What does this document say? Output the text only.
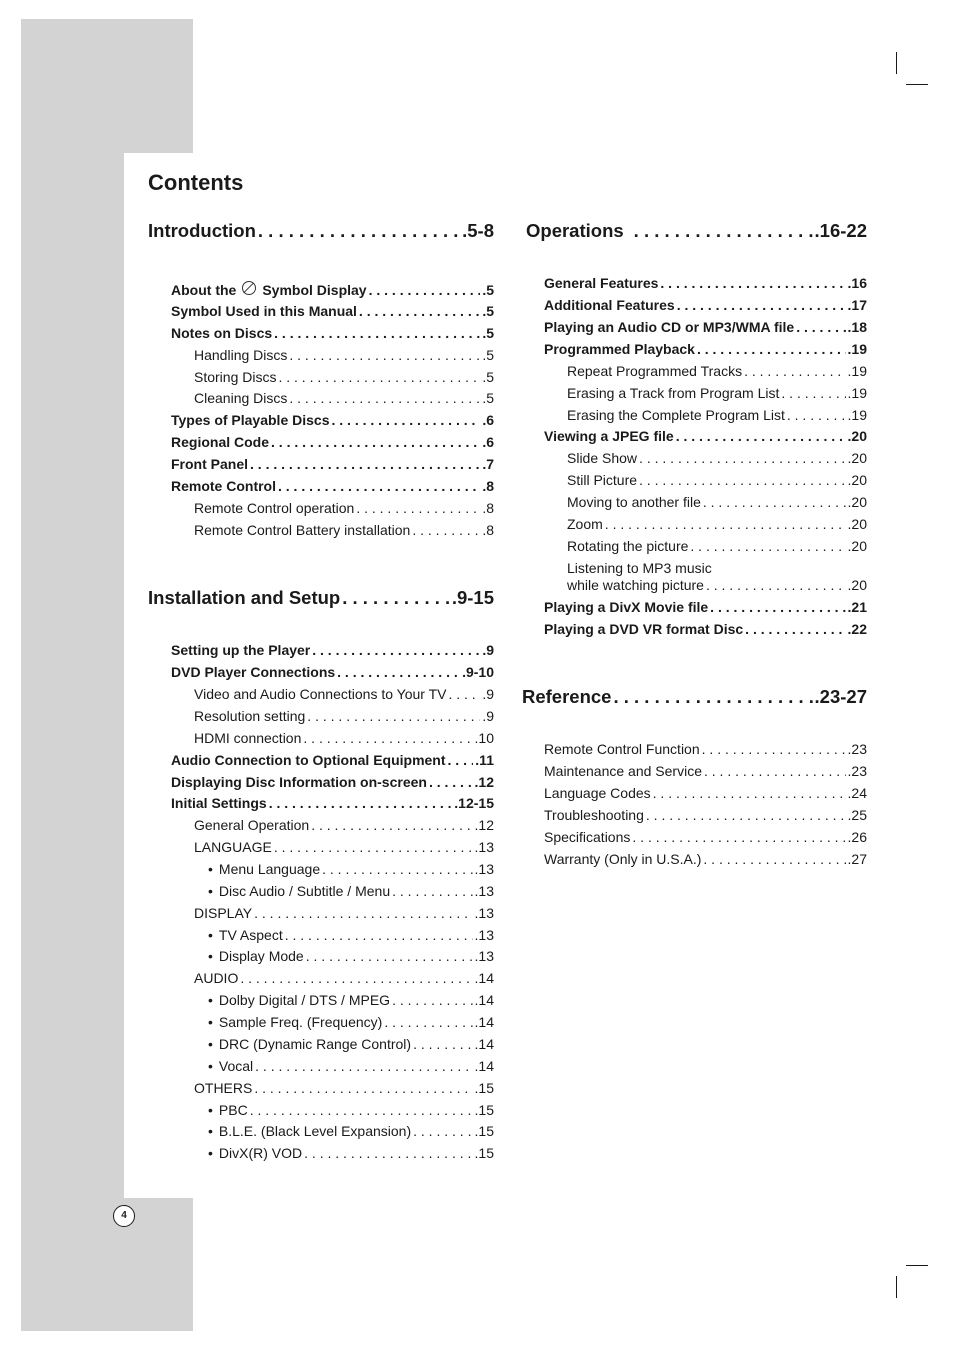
Contents
Introduction . . .	.5-8
About the Symbol Display . . .	.5
Symbol Used in this Manual . . .	.5
Notes on Discs . . .	.5
Handling Discs . . .	.5
Storing Discs . . .	.5
Cleaning Discs . . .	.5
Types of Playable Discs . . .	.6
Regional Code . . .	.6
Front Panel . . .	.7
Remote Control . . .	.8
Remote Control operation . . .	.8
Remote Control Battery installation . . .	.8
Installation and Setup . . .	.9-15
Setting up the Player . . .	.9
DVD Player Connections . . .	.9-10
Video and Audio Connections to Your TV . . .	.9
Resolution setting . . .	.9
HDMI connection . . .	.10
Audio Connection to Optional Equipment . . . .11
Displaying Disc Information on-screen . . .	.12
Initial Settings . . .	.12-15
General Operation . . .	.12
LANGUAGE . . .	.13
• Menu Language . . .	.13
• Disc Audio / Subtitle / Menu . . .	.13
DISPLAY . . .	.13
• TV Aspect . . .	.13
• Display Mode . . .	.13
AUDIO . . .	.14
• Dolby Digital / DTS / MPEG . . .	.14
• Sample Freq. (Frequency) . . .	.14
• DRC (Dynamic Range Control) . . .	.14
• Vocal . . .	.14
OTHERS . . .	.15
• PBC . . .	.15
• B.L.E. (Black Level Expansion) . . .	.15
• DivX(R) VOD . . .	.15
Operations . . .	.16-22
General Features . . .	.16
Additional Features . . .	.17
Playing an Audio CD or MP3/WMA file . . .	.18
Programmed Playback . . .	.19
Repeat Programmed Tracks . . .	.19
Erasing a Track from Program List . . .	.19
Erasing the Complete Program List . . .	.19
Viewing a JPEG file . . .	.20
Slide Show . . .	.20
Still Picture . . .	.20
Moving to another file . . .	.20
Zoom . . .	.20
Rotating the picture . . .	.20
Listening to MP3 music
while watching picture . . .	.20
Playing a DivX Movie file . . .	.21
Playing a DVD VR format Disc . . .	.22
Reference . . .	.23-27
Remote Control Function . . .	.23
Maintenance and Service . . .	.23
Language Codes . . .	.24
Troubleshooting . . .	.25
Specifications . . .	.26
Warranty (Only in U.S.A.) . . .	.27
4
